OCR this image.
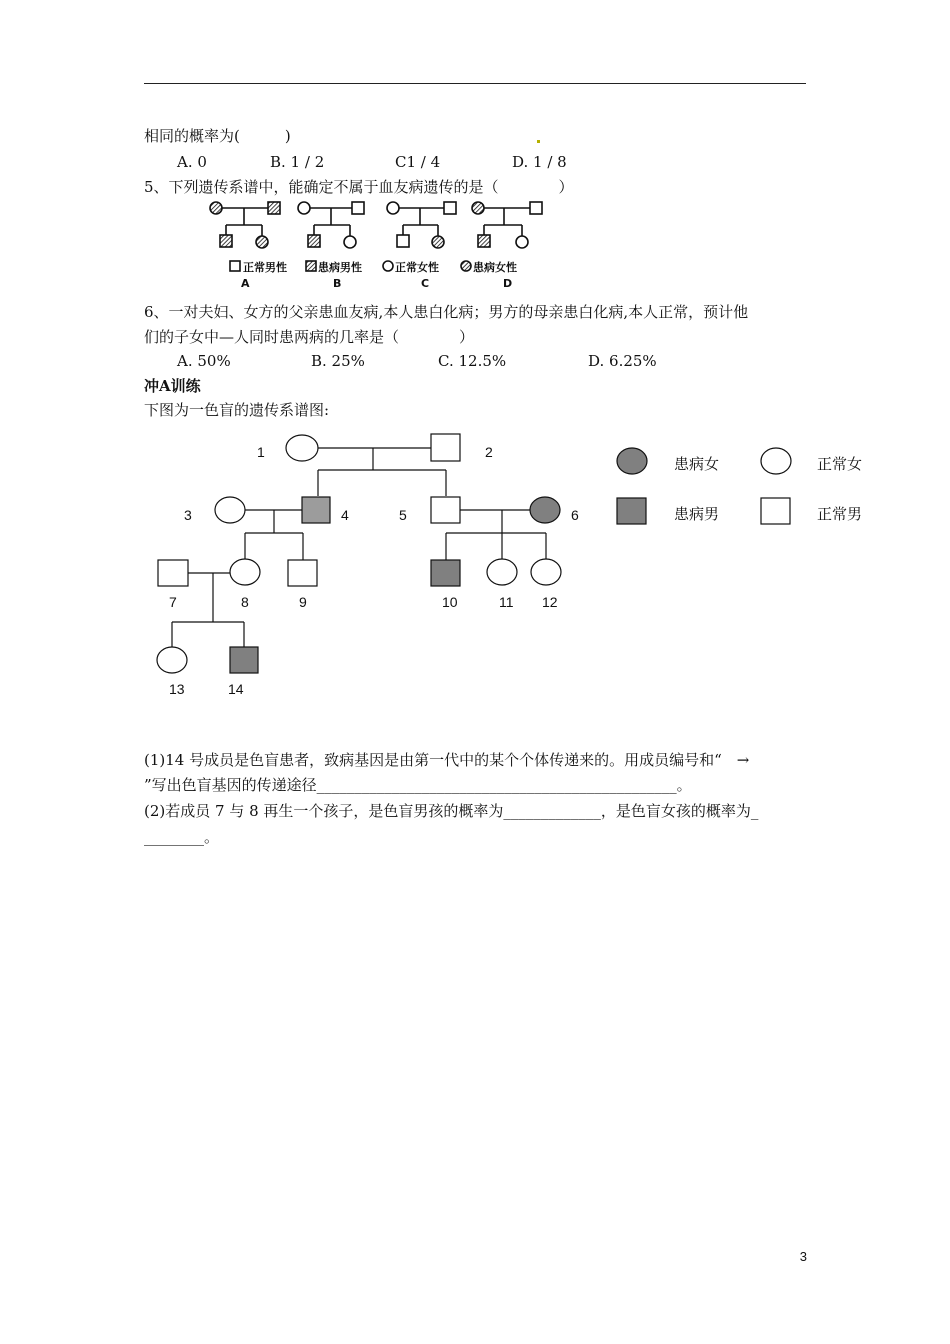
相同的概率为(　　　)
A. 0	B. 1 / 2	C1 / 4	D. 1 / 8
5、下列遗传系谱中，能确定不属于血友病遗传的是（　　　　）
正常男性	患病男性	正常女性	患病女性
A	B	C	D
6、一对夫妇、女方的父亲患血友病,本人患白化病；男方的母亲患白化病,本人正常，预计他
们的子女中—人同时患两病的几率是（　　　　）
A. 50%	B. 25%	C. 12.5%	D. 6.25%
冲A训练
下图为一色盲的遗传系谱图:
1	2
3	4	5	6
7	8	9	10	11 12
13	14
患病女	正常女
患病男	正常男
(1)14 号成员是色盲患者，致病基因是由第一代中的某个个体传递来的。用成员编号和“　→
”写出色盲基因的传递途径________________________________________________。
(2)若成员 7 与 8 再生一个孩子，是色盲男孩的概率为_____________，是色盲女孩的概率为_
________。
3
